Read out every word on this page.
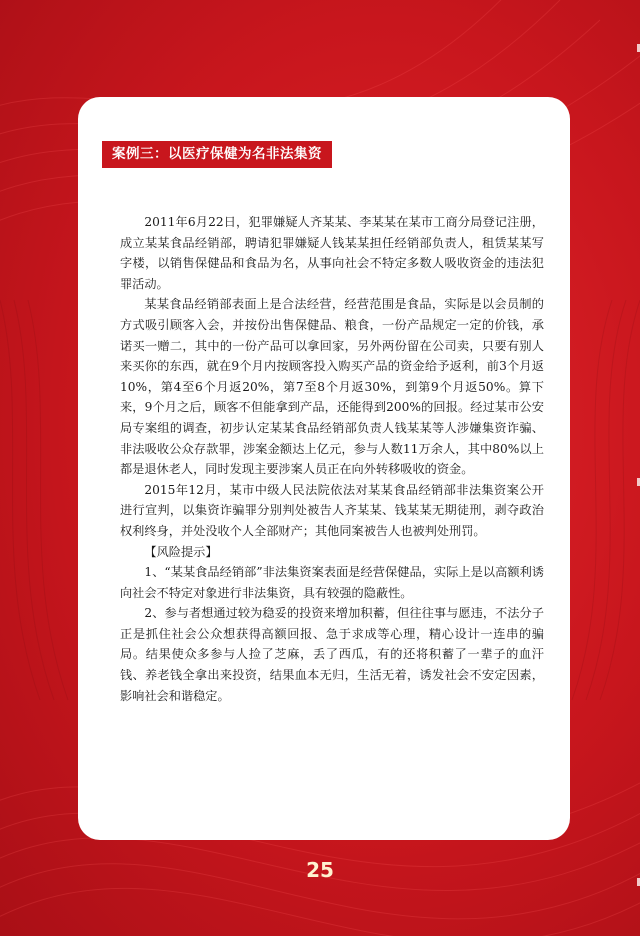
案例三：以医疗保健为名非法集资

2011年6月22日，犯罪嫌疑人齐某某、李某某在某市工商分局登记注册，成立某某食品经销部，聘请犯罪嫌疑人钱某某担任经销部负责人，租赁某某写字楼，以销售保健品和食品为名，从事向社会不特定多数人吸收资金的违法犯罪活动。

某某食品经销部表面上是合法经营，经营范围是食品，实际是以会员制的方式吸引顾客入会，并按份出售保健品、粮食，一份产品规定一定的价钱，承诺买一赠二，其中的一份产品可以拿回家，另外两份留在公司卖，只要有别人来买你的东西，就在9个月内按顾客投入购买产品的资金给予返利，前3个月返10%，第4至6个月返20%，第7至8个月返30%，到第9个月返50%。算下来，9个月之后，顾客不但能拿到产品，还能得到200%的回报。经过某市公安局专案组的调查，初步认定某某食品经销部负责人钱某某等人涉嫌集资诈骗、非法吸收公众存款罪，涉案金额达上亿元，参与人数11万余人，其中80%以上都是退休老人，同时发现主要涉案人员正在向外转移吸收的资金。

2015年12月，某市中级人民法院依法对某某食品经销部非法集资案公开进行宣判，以集资诈骗罪分别判处被告人齐某某、钱某某无期徒刑，剥夺政治权利终身，并处没收个人全部财产；其他同案被告人也被判处刑罚。

【风险提示】

1、“某某食品经销部”非法集资案表面是经营保健品，实际上是以高额利诱向社会不特定对象进行非法集资，具有较强的隐蔽性。

2、参与者想通过较为稳妥的投资来增加积蓄，但往往事与愿违，不法分子正是抓住社会公众想获得高额回报、急于求成等心理，精心设计一连串的骗局。结果使众多参与人捡了芝麻，丢了西瓜，有的还将积蓄了一辈子的血汗钱、养老钱全拿出来投资，结果血本无归，生活无着，诱发社会不安定因素，影响社会和谐稳定。

25
